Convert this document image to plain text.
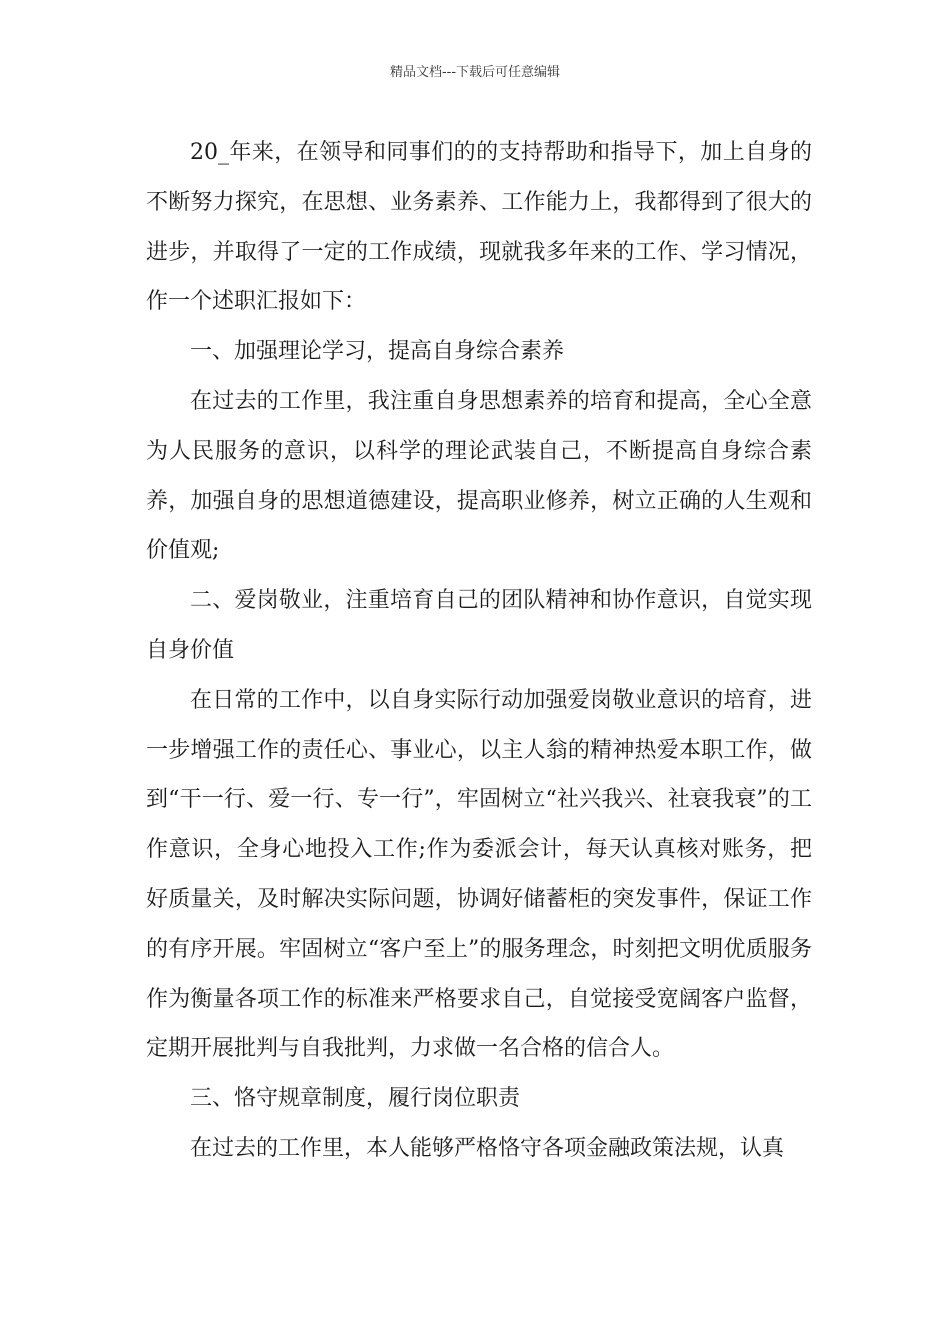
精品文档---下载后可任意编辑

20_年来，在领导和同事们的的支持帮助和指导下，加上自身的不断努力探究，在思想、业务素养、工作能力上，我都得到了很大的进步，并取得了一定的工作成绩，现就我多年来的工作、学习情况，作一个述职汇报如下：

一、加强理论学习，提高自身综合素养

在过去的工作里，我注重自身思想素养的培育和提高，全心全意为人民服务的意识，以科学的理论武装自己，不断提高自身综合素养，加强自身的思想道德建设，提高职业修养，树立正确的人生观和价值观;

二、爱岗敬业，注重培育自己的团队精神和协作意识，自觉实现自身价值

在日常的工作中，以自身实际行动加强爱岗敬业意识的培育，进一步增强工作的责任心、事业心，以主人翁的精神热爱本职工作，做到“干一行、爱一行、专一行”，牢固树立“社兴我兴、社衰我衰”的工作意识，全身心地投入工作;作为委派会计，每天认真核对账务，把好质量关，及时解决实际问题，协调好储蓄柜的突发事件，保证工作的有序开展。牢固树立“客户至上”的服务理念，时刻把文明优质服务作为衡量各项工作的标准来严格要求自己，自觉接受宽阔客户监督，定期开展批判与自我批判，力求做一名合格的信合人。

三、恪守规章制度，履行岗位职责

在过去的工作里，本人能够严格恪守各项金融政策法规，认真
